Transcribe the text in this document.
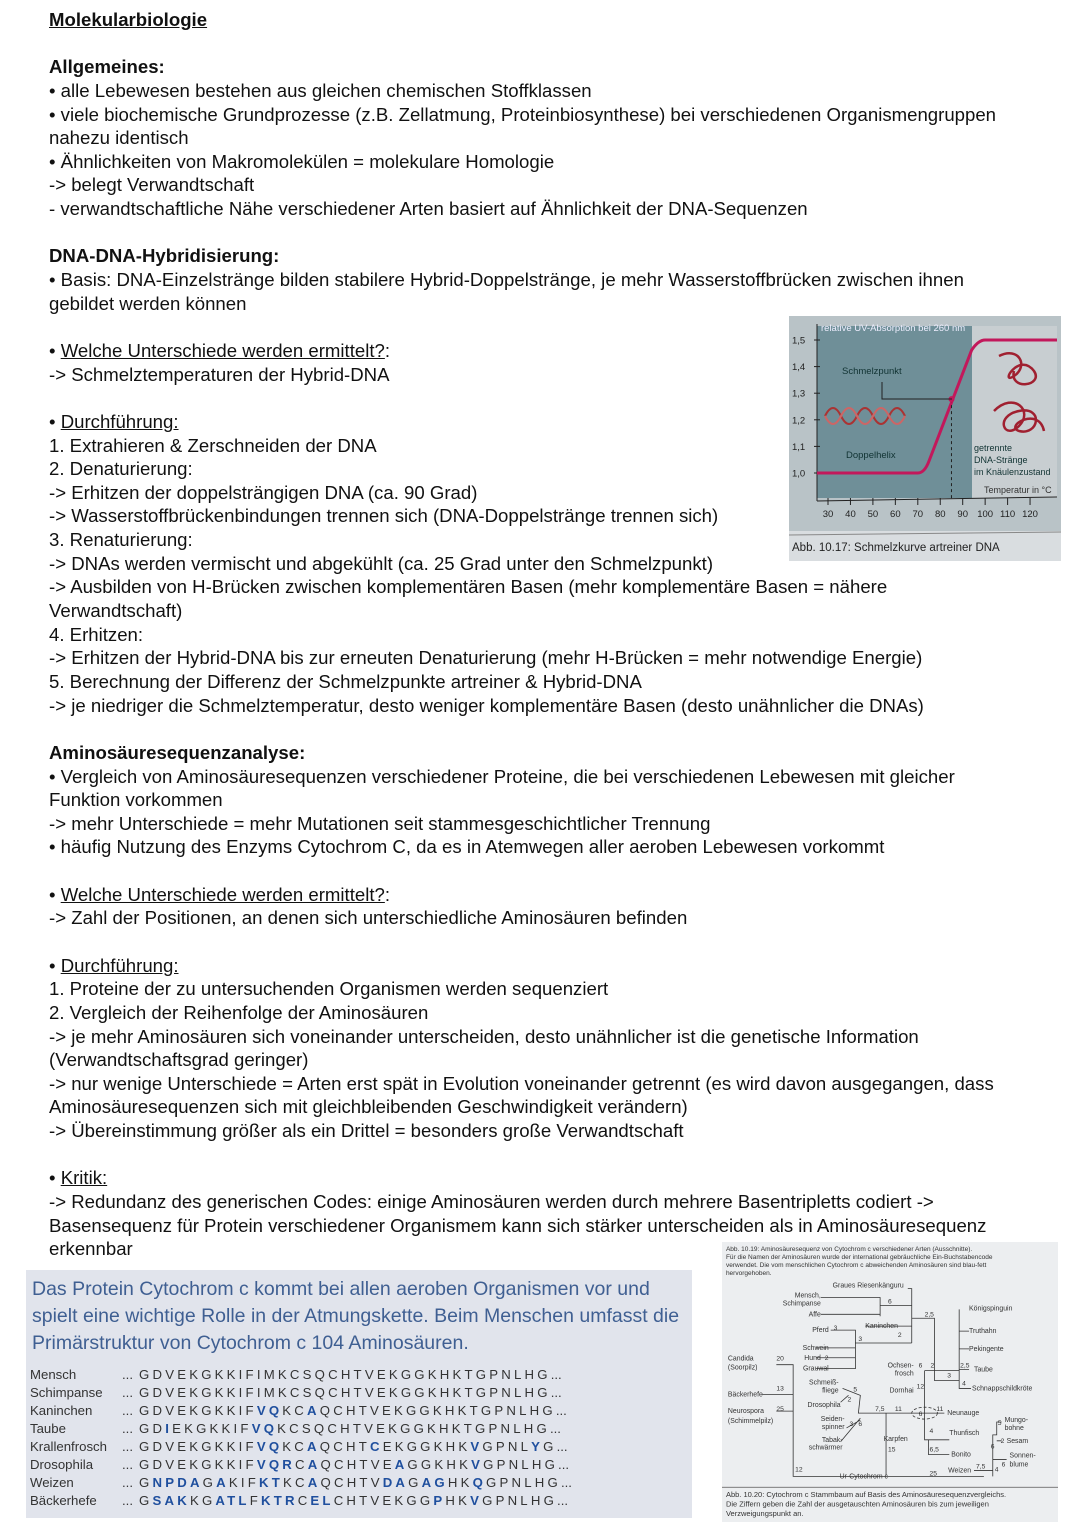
Molekularbiologie
Allgemeines:
• alle Lebewesen bestehen aus gleichen chemischen Stoffklassen
• viele biochemische Grundprozesse (z.B. Zellatmung, Proteinbiosynthese) bei verschiedenen Organismengruppen
nahezu identisch
• Ähnlichkeiten von Makromolekülen = molekulare Homologie
-> belegt Verwandtschaft
- verwandtschaftliche Nähe verschiedener Arten basiert auf Ähnlichkeit der DNA-Sequenzen
DNA-DNA-Hybridisierung:
• Basis: DNA-Einzelstränge bilden stabilere Hybrid-Doppelstränge, je mehr Wasserstoffbrücken zwischen ihnen
gebildet werden können
• Welche Unterschiede werden ermittelt?:
-> Schmelztemperaturen der Hybrid-DNA
• Durchführung:
1. Extrahieren & Zerschneiden der DNA
2. Denaturierung:
-> Erhitzen der doppelsträngigen DNA (ca. 90 Grad)
-> Wasserstoffbrückenbindungen trennen sich (DNA-Doppelstränge trennen sich)
3. Renaturierung:
-> DNAs werden vermischt und abgekühlt (ca. 25 Grad unter den Schmelzpunkt)
-> Ausbilden von H-Brücken zwischen komplementären Basen (mehr komplementäre Basen = nähere
Verwandtschaft)
4. Erhitzen:
-> Erhitzen der Hybrid-DNA bis zur erneuten Denaturierung (mehr H-Brücken = mehr notwendige Energie)
5. Berechnung der Differenz der Schmelzpunkte artreiner & Hybrid-DNA
-> je niedriger die Schmelztemperatur, desto weniger komplementäre Basen (desto unähnlicher die DNAs)
Aminosäuresequenzanalyse:
• Vergleich von Aminosäuresequenzen verschiedener Proteine, die bei verschiedenen Lebewesen mit gleicher
Funktion vorkommen
-> mehr Unterschiede = mehr Mutationen seit stammesgeschichtlicher Trennung
• häufig Nutzung des Enzyms Cytochrom C, da es in Atemwegen aller aeroben Lebewesen vorkommt
• Welche Unterschiede werden ermittelt?:
-> Zahl der Positionen, an denen sich unterschiedliche Aminosäuren befinden
• Durchführung:
1. Proteine der zu untersuchenden Organismen werden sequenziert
2. Vergleich der Reihenfolge der Aminosäuren
-> je mehr Aminosäuren sich voneinander unterscheiden, desto unähnlicher ist die genetische Information
(Verwandtschaftsgrad geringer)
-> nur wenige Unterschiede = Arten erst spät in Evolution voneinander getrennt (es wird davon ausgegangen, dass
Aminosäuresequenzen sich mit gleichbleibenden Geschwindigkeit verändern)
-> Übereinstimmung größer als ein Drittel = besonders große Verwandtschaft
• Kritik:
-> Redundanz des generischen Codes: einige Aminosäuren werden durch mehrere Basentripletts codiert ->
Basensequenz für Protein verschiedener Organismem kann sich stärker unterscheiden als in Aminosäuresequenz
erkennbar
1,0
1,1
1,2
1,3
1,4
1,5
30 40 50 60 70 80 90 100 110 120
relative UV-Absorption bei 260 nm
Schmelzpunkt
Doppelhelix
getrennte
DNA-Stränge
im Knäulenzustand
Temperatur in °C
Abb. 10.17: Schmelzkurve artreiner DNA
Das Protein Cytochrom c kommt bei allen aeroben Organismen vor und spielt eine wichtige Rolle in der Atmungskette. Beim Menschen umfasst die Primärstruktur von Cytochrom c 104 Aminosäuren.
Mensch	... GDVEKGKKIFIMKCSQCHTVEKGGKHKTGPNLHG...
Schimpanse ... GDVEKGKKIFIMKCSQCHTVEKGGKHKTGPNLHG...
Kaninchen ... GDVEKGKKIFVQKCAQCHTVEKGGKHKTGPNLHG...
Taube	... GDIEKGKKIFVQKCSQCHTVEKGGKHKTGPNLHG...
Krallenfrosch ... GDVEKGKKIFVQKCAQCHTCEKGGKHKVGPNLYG...
Drosophila ... GDVEKGKKIFVQRCAQCHTVEAGGKHKVGPNLHG...
Weizen	... GNPDAGAKIFKTKCAQCHTVDAGAGHKQGPNLHG...
Bäckerhefe ... GSAKKGATLFKTRCELCHTVEKGGPHKVGPNLHG...
Abb. 10.19: Aminosäuresequenz von Cytochrom c verschiedener Arten (Ausschnitte).
Für die Namen der Aminosäuren wurde der international gebräuchliche Ein-Buchstabencode
verwendet. Die vom menschlichen Cytochrom c abweichenden Aminosäuren sind blau-fett
hervorgehoben.
Graues Riesenkänguru
Mensch,
Schimpanse
Affe
Pferd
Kaninchen
Schwein
Hund
Grauwal
Candida
(Soorpilz)
Bäckerhefe
Neurospora
(Schimmelpilz)
Schmeiß-
fliege
Drosophila
Seiden-
spinner
Tabak-
schwärmer
Ochsen-
frosch
Dornhai
Neunauge
Karpfen
Thunfisch
Bonito
Königspinguin
Truthahn
Pekingente
Taube
Schnappschildkröte
Mungo-
bohne
Sesam
Sonnen-
blume
Weizen
Ur-Cytochrom c
6
2,5
3
2
3
2
20
13
25
5
2
3 6
7,5 11
6
2
12
6
11
4
6,5
15
2,5
4
3
5
2
6
6
4
7,5
12
25
Abb. 10.20: Cytochrom c Stammbaum auf Basis des Aminosäuresequenzvergleichs.
Die Ziffern geben die Zahl der ausgetauschten Aminosäuren bis zum jeweiligen
Verzweigungspunkt an.
